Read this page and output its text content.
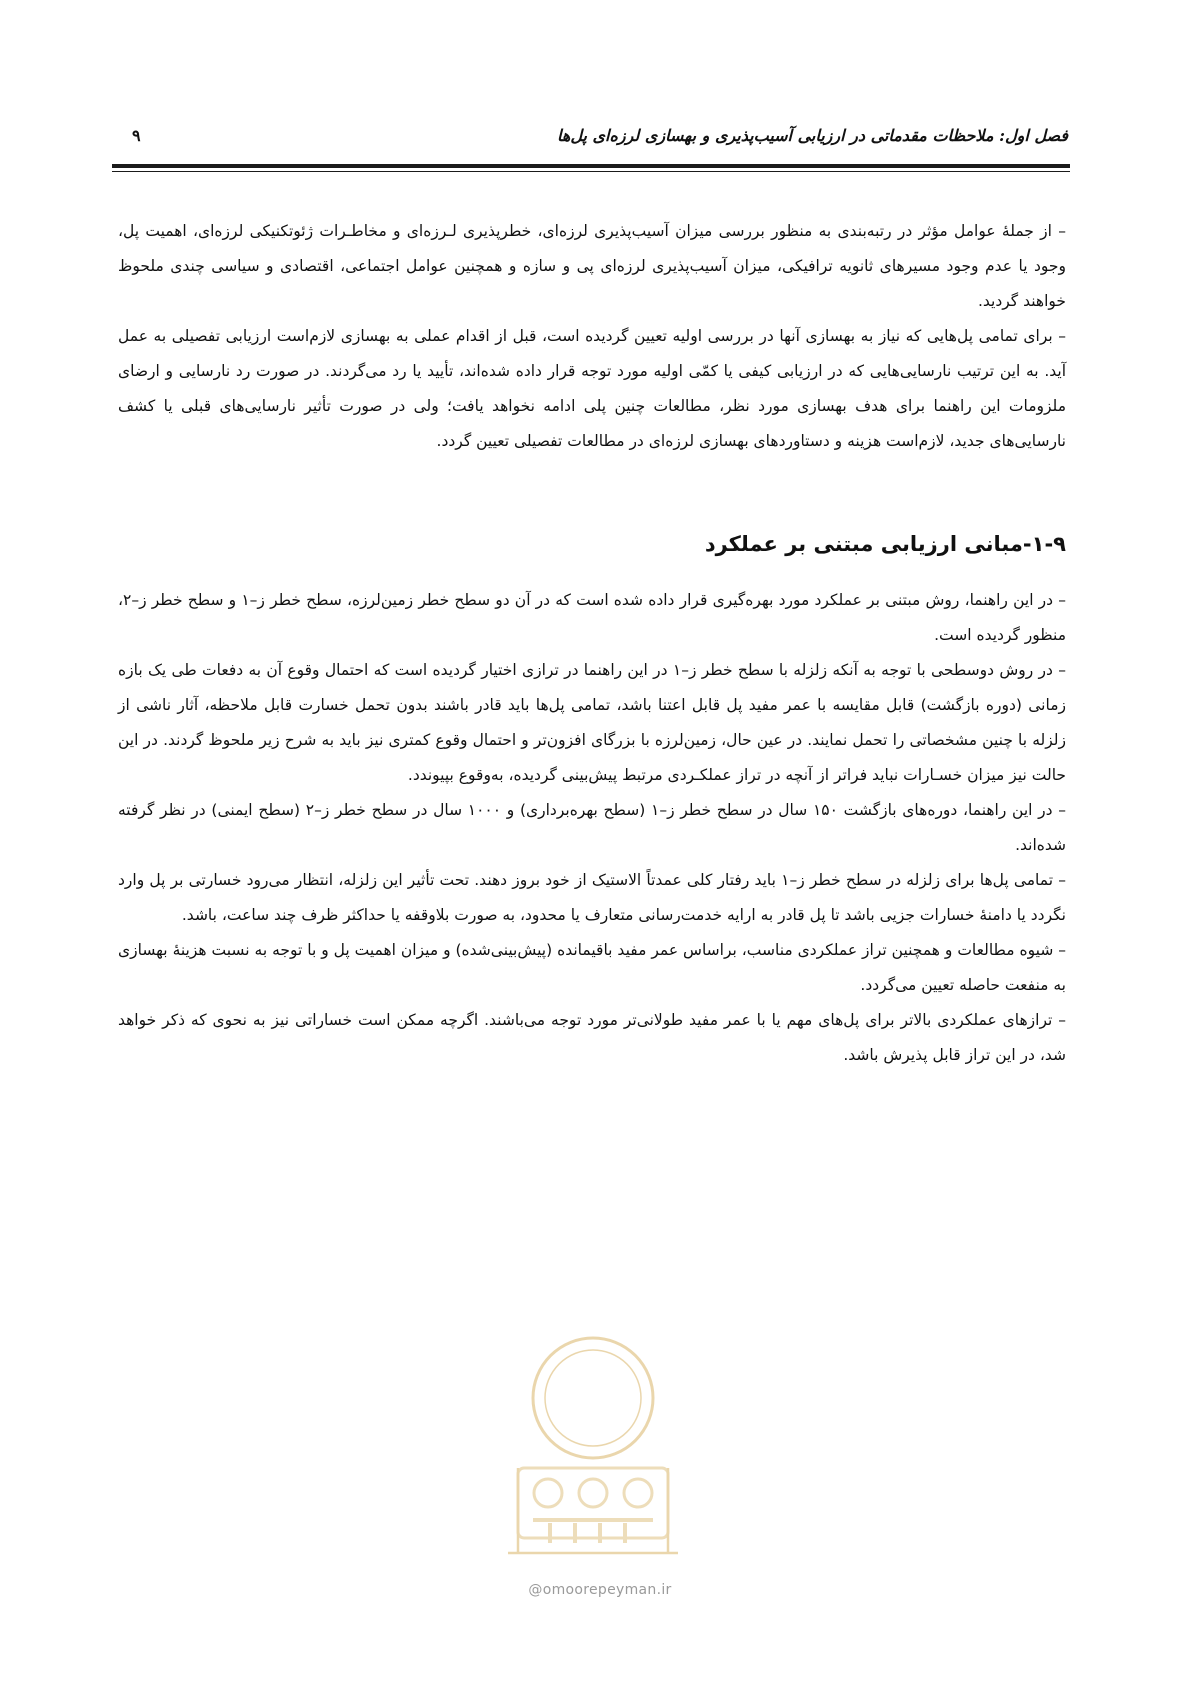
فصل اول: ملاحظات مقدماتی در ارزیابی آسیب‌پذیری و بهسازی لرزه‌ای پل‌ها
۹

– از جملهٔ عوامل مؤثر در رتبه‌بندی به منظور بررسی میزان آسیب‌پذیری لرزه‌ای، خطرپذیری لـرزه‌ای و مخاطـرات ژئوتکنیکی لرزه‌ای، اهمیت پل، وجود یا عدم وجود مسیرهای ثانویه ترافیکی، میزان آسیب‌پذیری لرزه‌ای پی و سازه و همچنین عوامل اجتماعی، اقتصادی و سیاسی چندی ملحوظ خواهند گردید.

– برای تمامی پل‌هایی که نیاز به بهسازی آنها در بررسی اولیه تعیین گردیده است، قبل از اقدام عملی به بهسازی لازم‌است ارزیابی تفصیلی به عمل آید. به این ترتیب نارسایی‌هایی که در ارزیابی کیفی یا کمّی اولیه مورد توجه قرار داده شده‌اند، تأیید یا رد می‌گردند. در صورت رد نارسایی و ارضای ملزومات این راهنما برای هدف بهسازی مورد نظر، مطالعات چنین پلی ادامه نخواهد یافت؛ ولی در صورت تأثیر نارسایی‌های قبلی یا کشف نارسایی‌های جدید، لازم‌است هزینه و دستاوردهای بهسازی لرزه‌ای در مطالعات تفصیلی تعیین گردد.

۱-۹-مبانی ارزیابی مبتنی بر عملکرد

– در این راهنما، روش مبتنی بر عملکرد مورد بهره‌گیری قرار داده شده است که در آن دو سطح خطر زمین‌لرزه، سطح خطر ز–۱ و سطح خطر ز–۲، منظور گردیده است.

– در روش دوسطحی با توجه به آنکه زلزله با سطح خطر ز–۱ در این راهنما در ترازی اختیار گردیده است که احتمال وقوع آن به دفعات طی یک بازه زمانی (دوره بازگشت) قابل مقایسه با عمر مفید پل قابل اعتنا باشد، تمامی پل‌ها باید قادر باشند بدون تحمل خسارت قابل ملاحظه، آثار ناشی از زلزله با چنین مشخصاتی را تحمل نمایند. در عین حال، زمین‌لرزه با بزرگای افزون‌تر و احتمال وقوع کمتری نیز باید به شرح زیر ملحوظ گردند. در این حالت نیز میزان خسـارات نباید فراتر از آنچه در تراز عملکـردی مرتبط پیش‌بینی گردیده، به‌وقوع بپیوندد.

– در این راهنما، دوره‌های بازگشت ۱۵۰ سال در سطح خطر ز–۱ (سطح بهره‌برداری) و ۱۰۰۰ سال در سطح خطر ز–۲ (سطح ایمنی) در نظر گرفته شده‌اند.

– تمامی پل‌ها برای زلزله در سطح خطر ز–۱ باید رفتار کلی عمدتاً الاستیک از خود بروز دهند. تحت تأثیر این زلزله، انتظار می‌رود خسارتی بر پل وارد نگردد یا دامنهٔ خسارات جزیی باشد تا پل قادر به ارایه خدمت‌رسانی متعارف یا محدود، به صورت بلاوقفه یا حداکثر ظرف چند ساعت، باشد.

– شیوه مطالعات و همچنین تراز عملکردی مناسب، براساس عمر مفید باقیمانده (پیش‌بینی‌شده) و میزان اهمیت پل و با توجه به نسبت هزینهٔ بهسازی به منفعت حاصله تعیین می‌گردد.

– ترازهای عملکردی بالاتر برای پل‌های مهم یا با عمر مفید طولانی‌تر مورد توجه می‌باشند. اگرچه ممکن است خساراتی نیز به نحوی که ذکر خواهد شد، در این تراز قابل پذیرش باشد.

@omoorepeyman.ir
